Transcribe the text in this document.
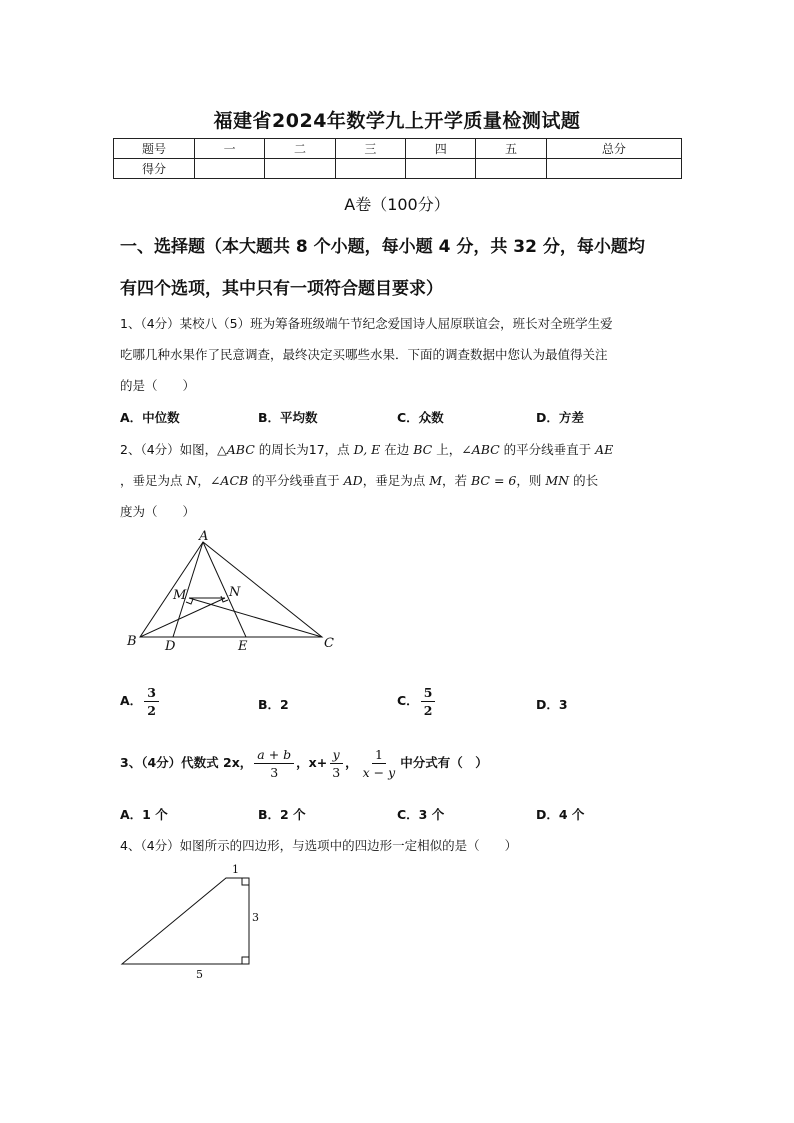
福建省2024年数学九上开学质量检测试题
题号	一	二	三	四	五	总分
得分						
A卷（100分）
一、选择题（本大题共 8 个小题，每小题 4 分，共 32 分，每小题均
有四个选项，其中只有一项符合题目要求）
1、（4分）某校八（5）班为筹备班级端午节纪念爱国诗人屈原联谊会，班长对全班学生爱
吃哪几种水果作了民意调查，最终决定买哪些水果．下面的调查数据中您认为最值得关注
的是（　　）
A．中位数	B．平均数	C．众数	D．方差
2、（4分）如图，△ABC 的周长为17，点 D, E 在边 BC 上，∠ABC 的平分线垂直于 AE
，垂足为点 N，∠ACB 的平分线垂直于 AD，垂足为点 M，若 BC = 6，则 MN 的长
度为（　　）
A
B	C
D	E
M	N
A． $\frac{3}{2}$	B．2	C． $\frac{5}{2}$	D．3
3、（4分）代数式 2x， $\frac{a + b}{3}$ ，$x+ \frac{y}{3}$ ， $\frac{1}{x - y}$ 中分式有（　）
A．1 个	B．2 个	C．3 个	D．4 个
4、（4分）如图所示的四边形，与选项中的四边形一定相似的是（　　）
1
3
5
